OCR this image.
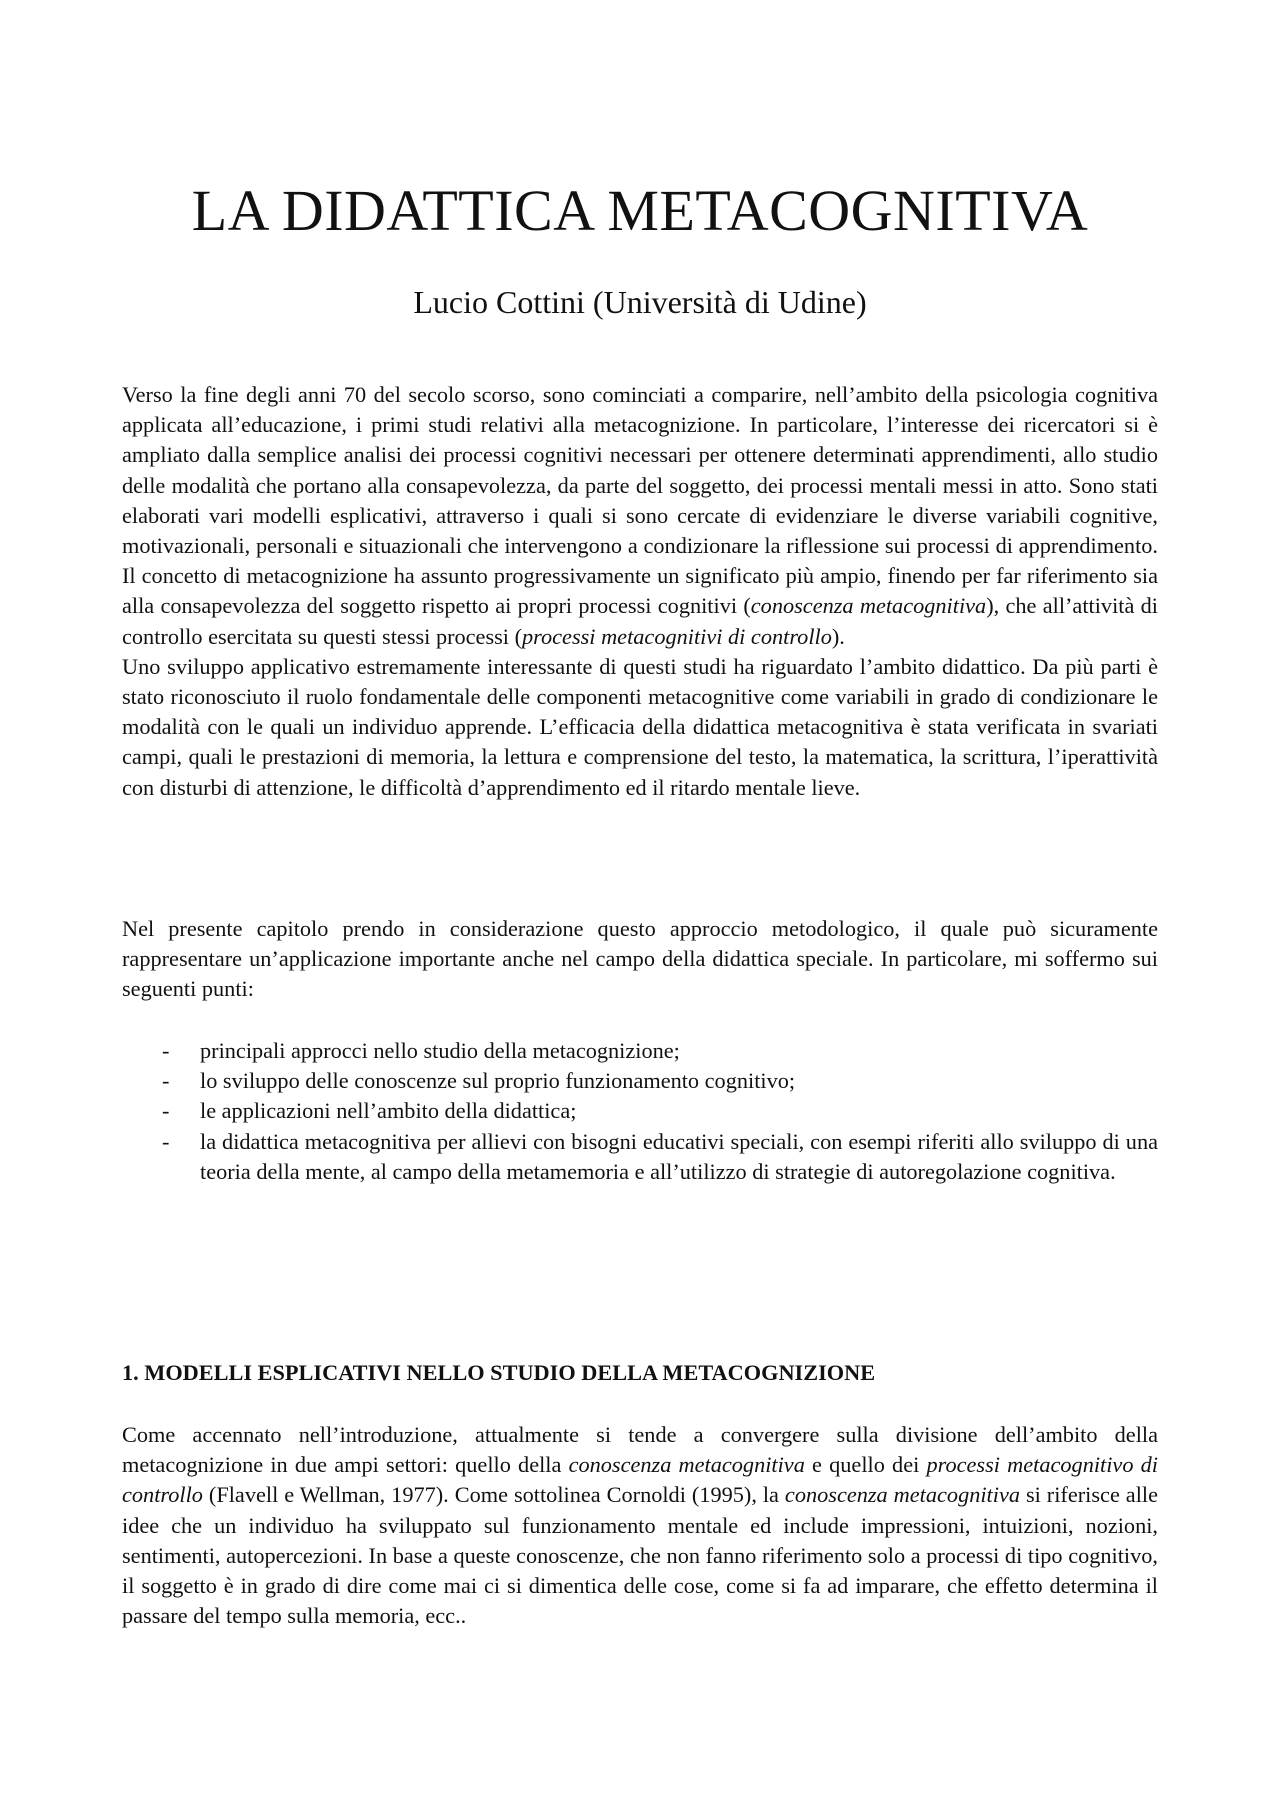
LA DIDATTICA METACOGNITIVA
Lucio Cottini (Università di Udine)

Verso la fine degli anni 70 del secolo scorso, sono cominciati a comparire, nell’ambito della psicologia cognitiva applicata all’educazione, i primi studi relativi alla metacognizione. In particolare, l’interesse dei ricercatori si è ampliato dalla semplice analisi dei processi cognitivi necessari per ottenere determinati apprendimenti, allo studio delle modalità che portano alla consapevolezza, da parte del soggetto, dei processi mentali messi in atto. Sono stati elaborati vari modelli esplicativi, attraverso i quali si sono cercate di evidenziare le diverse variabili cognitive, motivazionali, personali e situazionali che intervengono a condizionare la riflessione sui processi di apprendimento. Il concetto di metacognizione ha assunto progressivamente un significato più ampio, finendo per far riferimento sia alla consapevolezza del soggetto rispetto ai propri processi cognitivi (conoscenza metacognitiva), che all’attività di controllo esercitata su questi stessi processi (processi metacognitivi di controllo).

Uno sviluppo applicativo estremamente interessante di questi studi ha riguardato l’ambito didattico. Da più parti è stato riconosciuto il ruolo fondamentale delle componenti metacognitive come variabili in grado di condizionare le modalità con le quali un individuo apprende. L’efficacia della didattica metacognitiva è stata verificata in svariati campi, quali le prestazioni di memoria, la lettura e comprensione del testo, la matematica, la scrittura, l’iperattività con disturbi di attenzione, le difficoltà d’apprendimento ed il ritardo mentale lieve.

Nel presente capitolo prendo in considerazione questo approccio metodologico, il quale può sicuramente rappresentare un’applicazione importante anche nel campo della didattica speciale. In particolare, mi soffermo sui seguenti punti:

- principali approcci nello studio della metacognizione;
- lo sviluppo delle conoscenze sul proprio funzionamento cognitivo;
- le applicazioni nell’ambito della didattica;
- la didattica metacognitiva per allievi con bisogni educativi speciali, con esempi riferiti allo sviluppo di una teoria della mente, al campo della metamemoria e all’utilizzo di strategie di autoregolazione cognitiva.
1. MODELLI ESPLICATIVI NELLO STUDIO DELLA METACOGNIZIONE

Come accennato nell’introduzione, attualmente si tende a convergere sulla divisione dell’ambito della metacognizione in due ampi settori: quello della conoscenza metacognitiva e quello dei processi metacognitivo di controllo (Flavell e Wellman, 1977). Come sottolinea Cornoldi (1995), la conoscenza metacognitiva si riferisce alle idee che un individuo ha sviluppato sul funzionamento mentale ed include impressioni, intuizioni, nozioni, sentimenti, autopercezioni. In base a queste conoscenze, che non fanno riferimento solo a processi di tipo cognitivo, il soggetto è in grado di dire come mai ci si dimentica delle cose, come si fa ad imparare, che effetto determina il passare del tempo sulla memoria, ecc..
